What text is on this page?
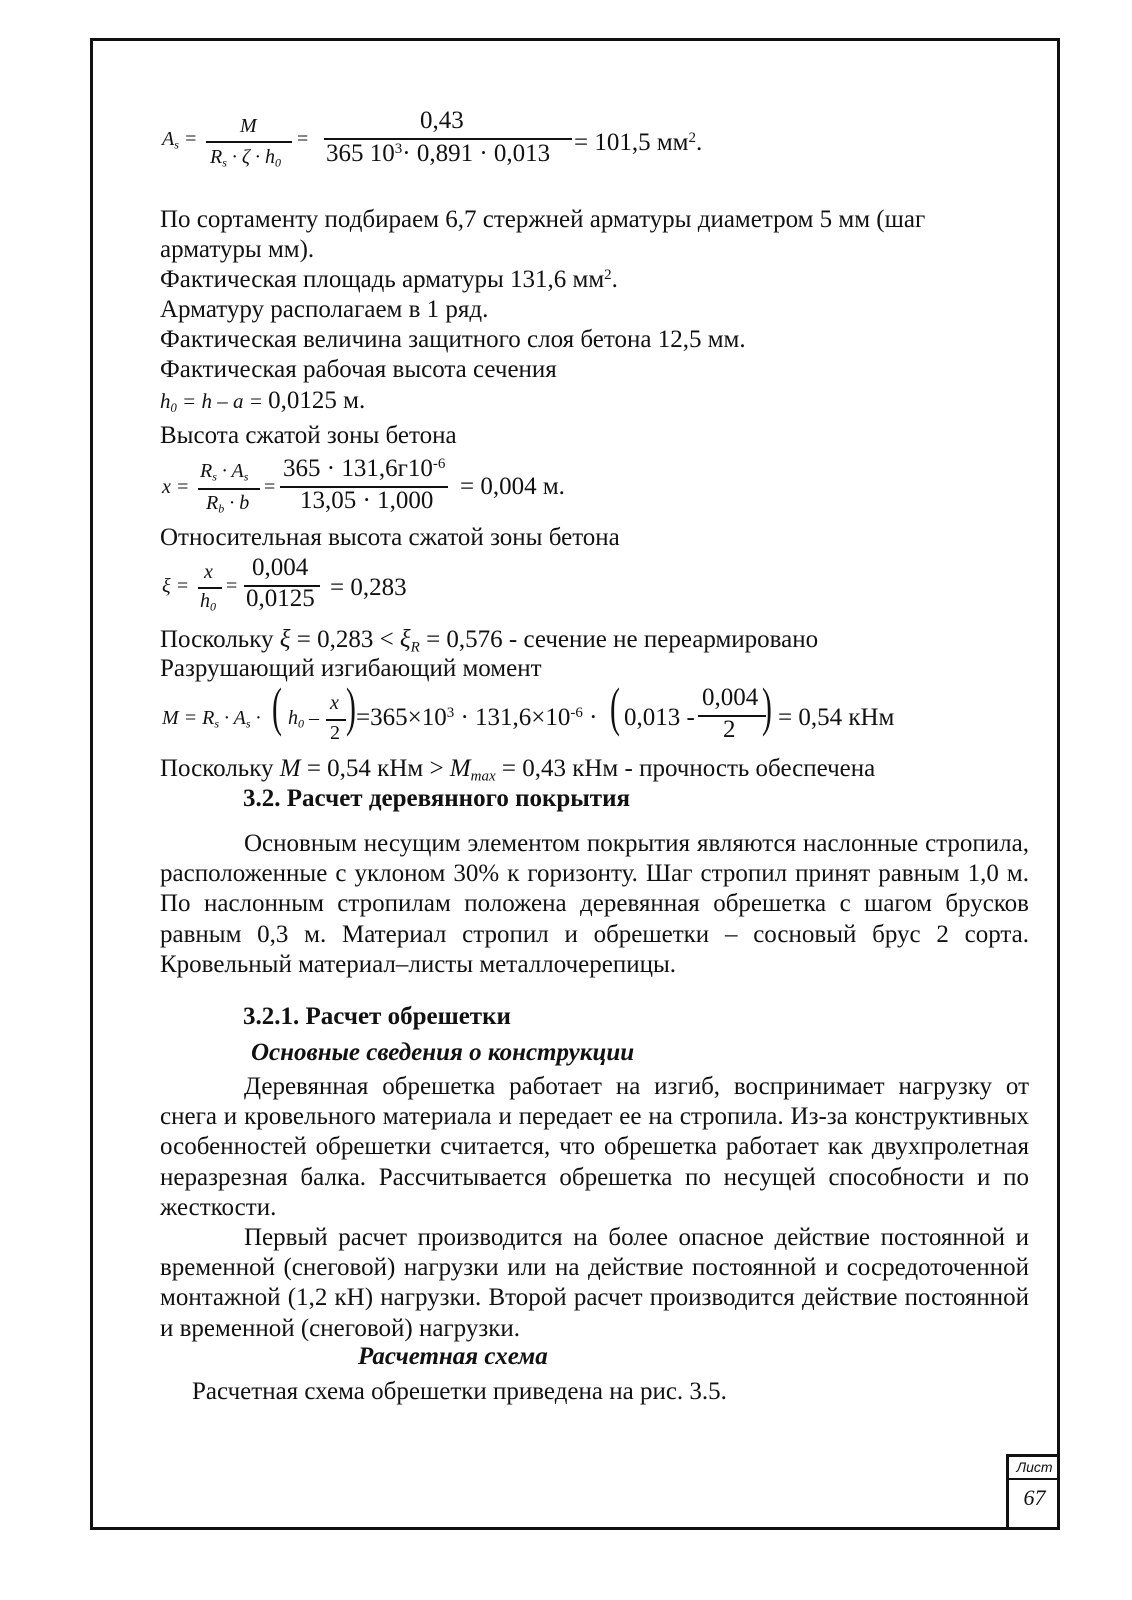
$A_s$ =
M
$R_s \cdot \zeta \cdot h_0$
=
0,43
365 $10^3\cdot 0,891 \cdot 0,013 = 101,5$ $мм^2$.
По сортаменту подбираем 6,7 стержней арматуры диаметром 5 мм (шаг
арматуры мм).
Фактическая площадь арматуры 131,6 $мм^2$.
Арматуру располагаем в 1 ряд.
Фактическая величина защитного слоя бетона 12,5 мм.
Фактическая рабочая высота сечения
$h_0 = h - a = 0,0125$ м.
Высота сжатой зоны бетона
x =
$R_s \cdot A_s$
$R_b \cdot b$
=
$365 \cdot 131,6г10^{-6}$
13,05 · 1,000
= 0,004 м.
Относительная высота сжатой зоны бетона
ξ =
x
$h_0$
=
0,004
0,0125 = 0,283
Поскольку $\xi = 0,283 < \xi_R = 0,576$ - сечение не переармировано
Разрушающий изгибающий момент
$M = R_s \cdot A_s$ · ( $h_0$ –
x
2 ) $=365\times 10^3 \cdot 131,6\times 10^{-6}$ · ( 0,013 -
0,004
2 ) = 0,54 кНм
Поскольку M = 0,54 кНм > $M_{max} = 0,43$ кНм - прочность обеспечена
3.2. Расчет деревянного покрытия

Основным несущим элементом покрытия являются наслонные стропила, расположенные с уклоном 30% к горизонту. Шаг стропил принят равным 1,0 м. По наслонным стропилам положена деревянная обрешетка с шагом брусков равным 0,3 м. Материал стропил и обрешетки – сосновый брус 2 сорта. Кровельный материал–листы металлочерепицы.

3.2.1. Расчет обрешетки
Основные сведения о конструкции

Деревянная обрешетка работает на изгиб, воспринимает нагрузку от снега и кровельного материала и передает ее на стропила. Из-за конструктивных особенностей обрешетки считается, что обрешетка работает как двухпролетная неразрезная балка. Рассчитывается обрешетка по несущей способности и по жесткости.

Первый расчет производится на более опасное действие постоянной и временной (снеговой) нагрузки или на действие постоянной и сосредоточенной монтажной (1,2 кН) нагрузки. Второй расчет производится действие постоянной и временной (снеговой) нагрузки.

Расчетная схема
Расчетная схема обрешетки приведена на рис. 3.5.
Лист
67
